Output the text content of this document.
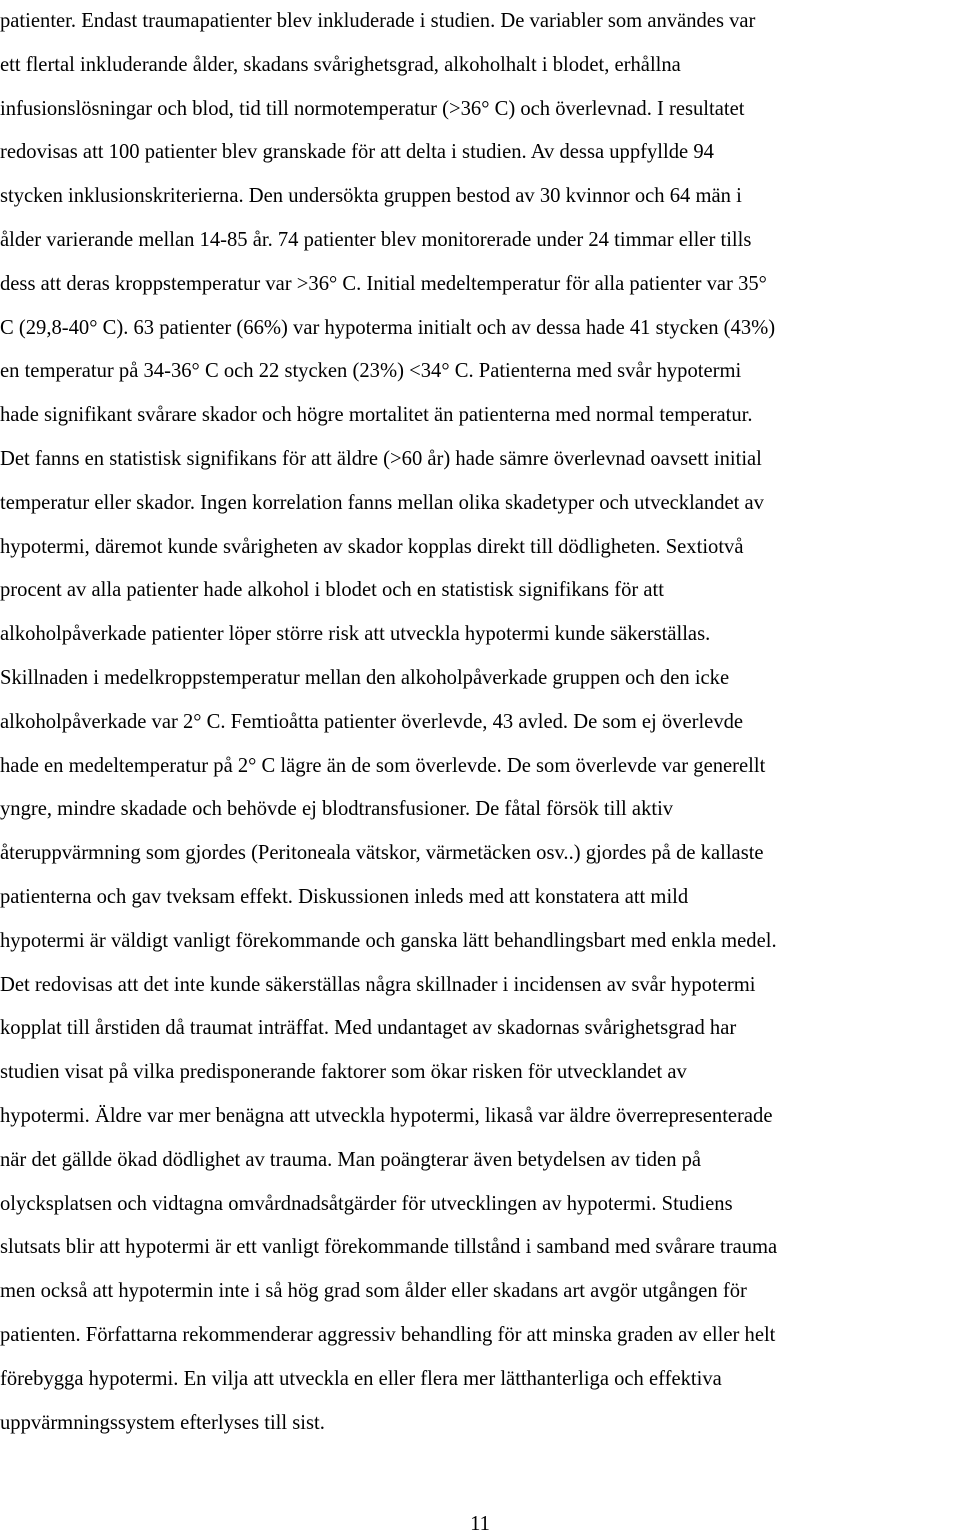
patienter. Endast traumapatienter blev inkluderade i studien. De variabler som användes var
ett flertal inkluderande ålder, skadans svårighetsgrad, alkoholhalt i blodet, erhållna
infusionslösningar och blod, tid till normotemperatur (>36° C) och överlevnad. I resultatet
redovisas att 100 patienter blev granskade för att delta i studien. Av dessa uppfyllde 94
stycken inklusionskriterierna. Den undersökta gruppen bestod av 30 kvinnor och 64 män i
ålder varierande mellan 14-85 år. 74 patienter blev monitorerade under 24 timmar eller tills
dess att deras kroppstemperatur var >36° C. Initial medeltemperatur för alla patienter var 35°
C (29,8-40° C). 63 patienter (66%) var hypoterma initialt och av dessa hade 41 stycken (43%)
en temperatur på 34-36° C och 22 stycken (23%) <34° C. Patienterna med svår hypotermi
hade signifikant svårare skador och högre mortalitet än patienterna med normal temperatur.
Det fanns en statistisk signifikans för att äldre (>60 år) hade sämre överlevnad oavsett initial
temperatur eller skador. Ingen korrelation fanns mellan olika skadetyper och utvecklandet av
hypotermi, däremot kunde svårigheten av skador kopplas direkt till dödligheten. Sextiotvå
procent av alla patienter hade alkohol i blodet och en statistisk signifikans för att
alkoholpåverkade patienter löper större risk att utveckla hypotermi kunde säkerställas.
Skillnaden i medelkroppstemperatur mellan den alkoholpåverkade gruppen och den icke
alkoholpåverkade var 2° C. Femtioåtta patienter överlevde, 43 avled. De som ej överlevde
hade en medeltemperatur på 2° C lägre än de som överlevde. De som överlevde var generellt
yngre, mindre skadade och behövde ej blodtransfusioner. De fåtal försök till aktiv
återuppvärmning som gjordes (Peritoneala vätskor, värmetäcken osv..) gjordes på de kallaste
patienterna och gav tveksam effekt. Diskussionen inleds med att konstatera att mild
hypotermi är väldigt vanligt förekommande och ganska lätt behandlingsbart med enkla medel.
Det redovisas att det inte kunde säkerställas några skillnader i incidensen av svår hypotermi
kopplat till årstiden då traumat inträffat. Med undantaget av skadornas svårighetsgrad har
studien visat på vilka predisponerande faktorer som ökar risken för utvecklandet av
hypotermi. Äldre var mer benägna att utveckla hypotermi, likaså var äldre överrepresenterade
när det gällde ökad dödlighet av trauma. Man poängterar även betydelsen av tiden på
olycksplatsen och vidtagna omvårdnadsåtgärder för utvecklingen av hypotermi. Studiens
slutsats blir att hypotermi är ett vanligt förekommande tillstånd i samband med svårare trauma
men också att hypotermin inte i så hög grad som ålder eller skadans art avgör utgången för
patienten. Författarna rekommenderar aggressiv behandling för att minska graden av eller helt
förebygga hypotermi. En vilja att utveckla en eller flera mer lätthanterliga och effektiva
uppvärmningssystem efterlyses till sist.
11
